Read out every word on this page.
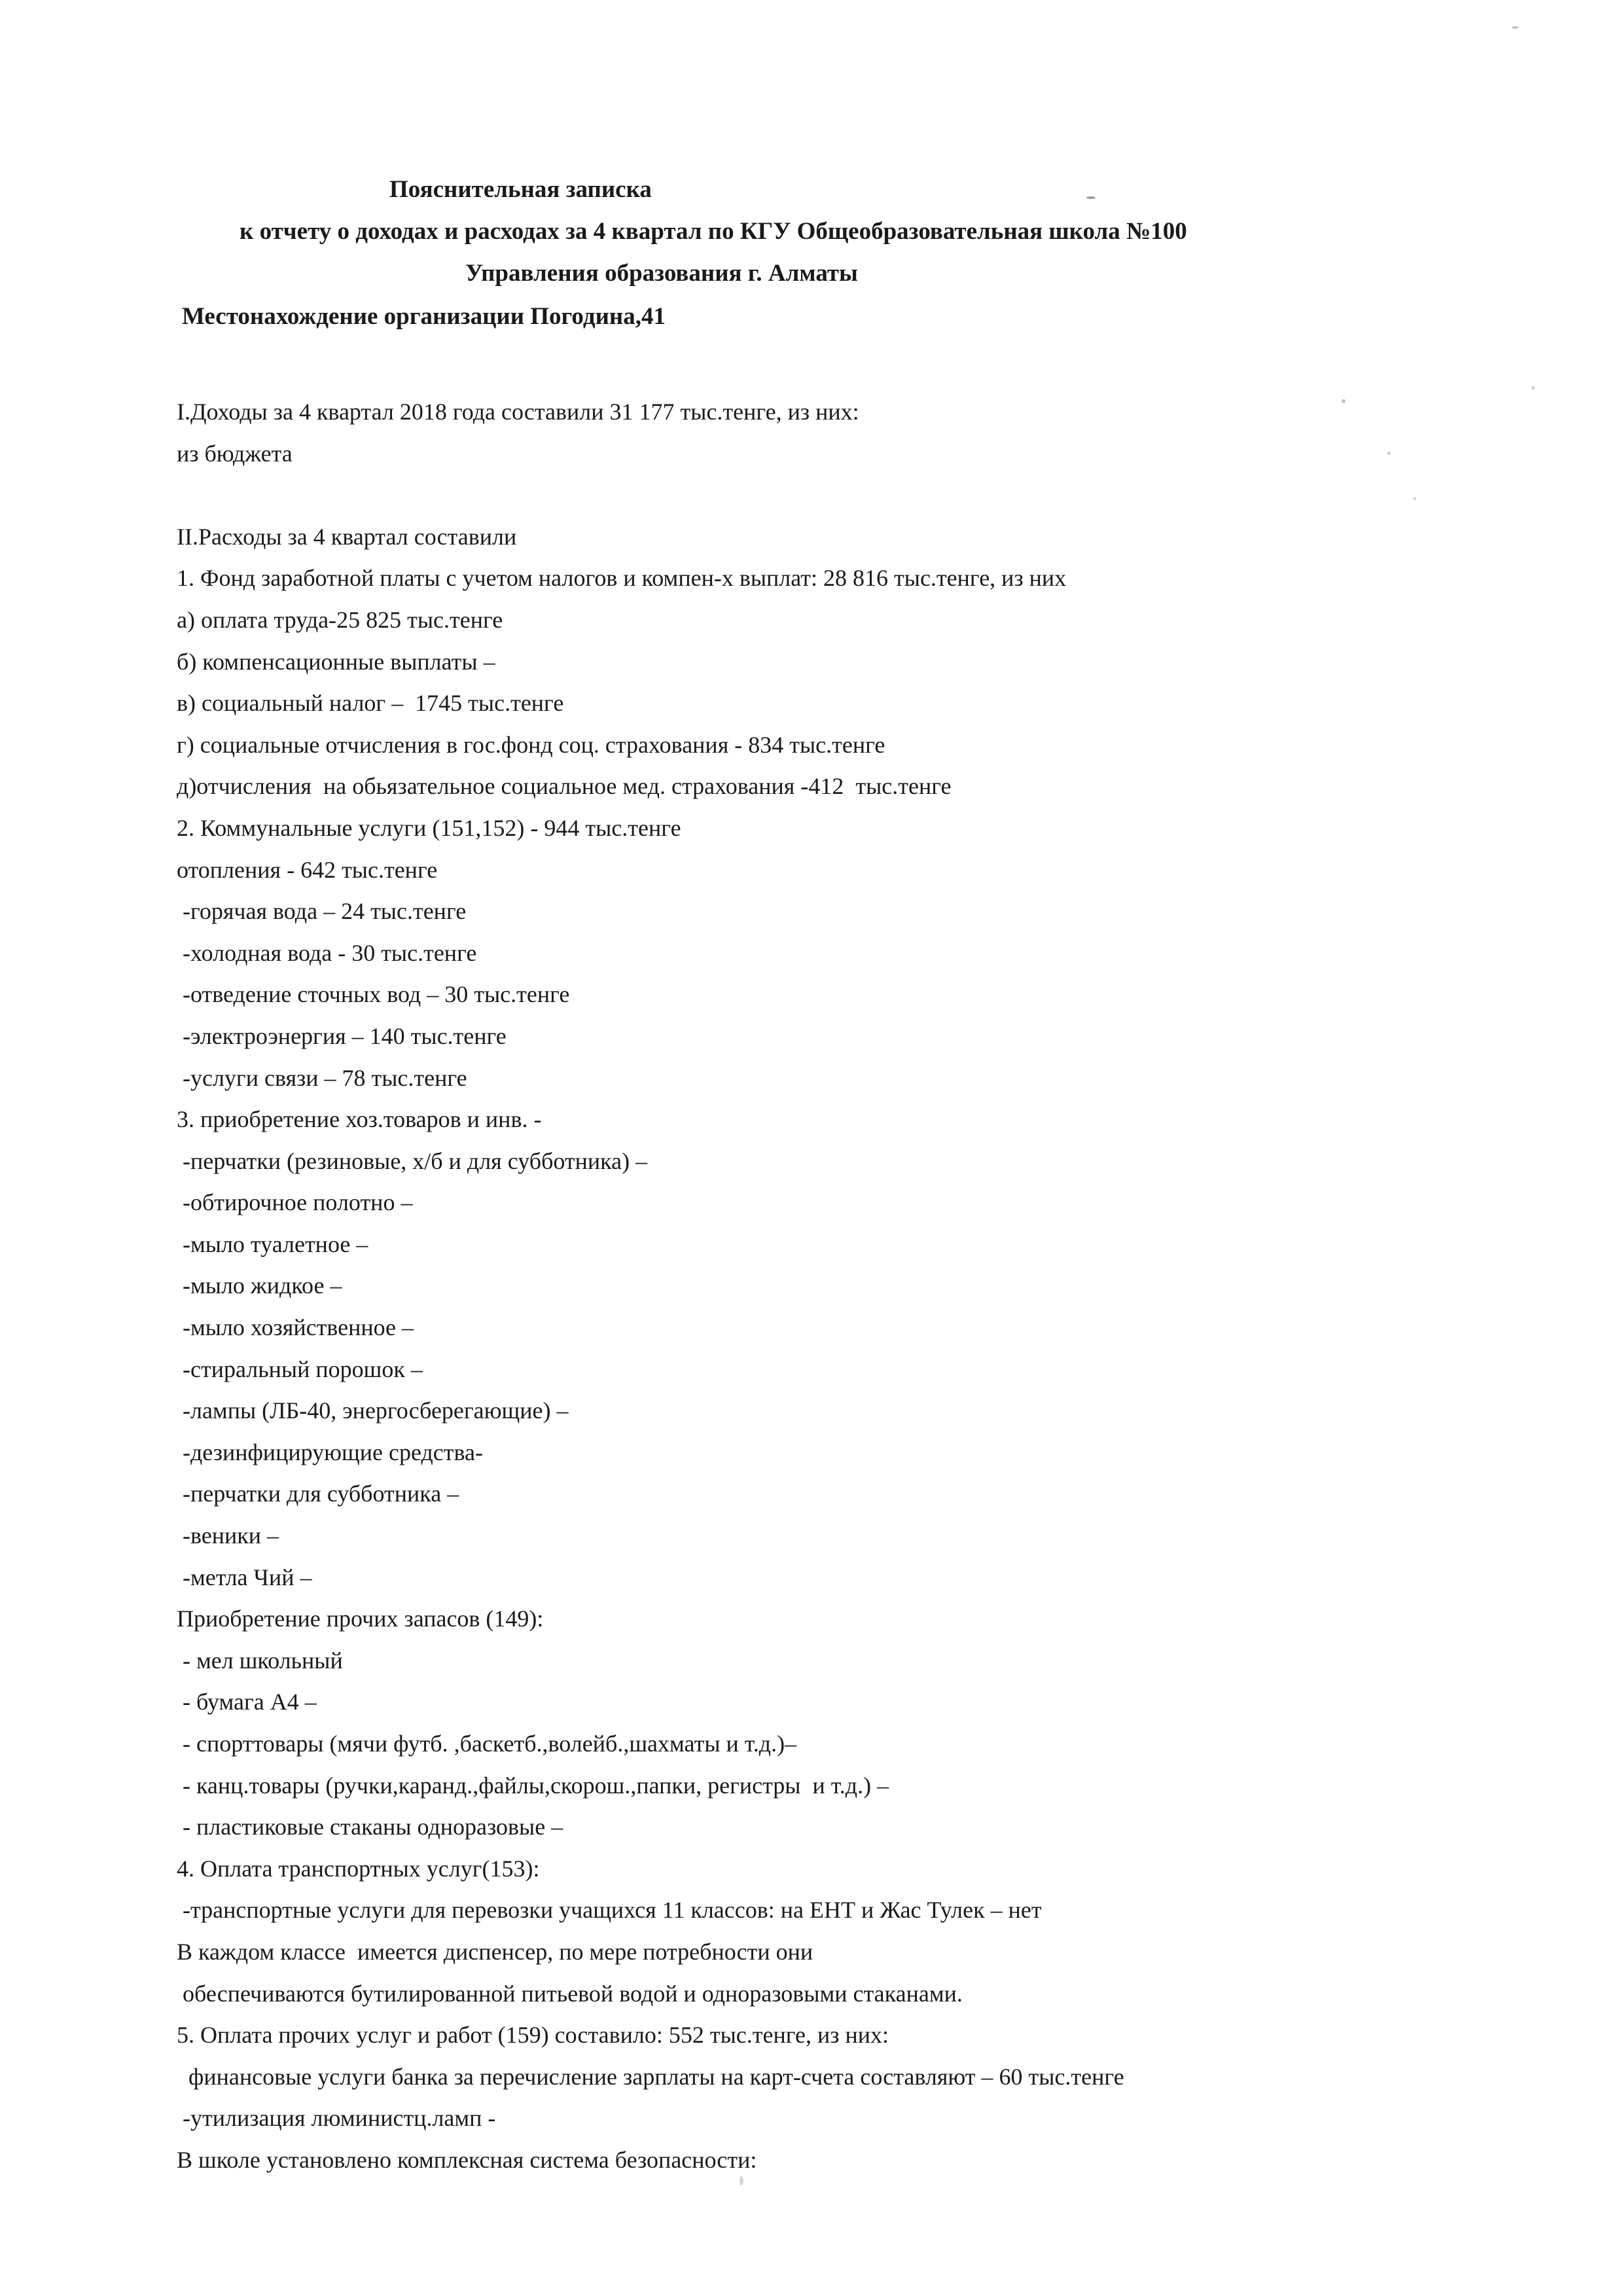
Пояснительная записка
к отчету о доходах и расходах за 4 квартал по КГУ Общеобразовательная школа №100
Управления образования г. Алматы
Местонахождение организации Погодина,41
I.Доходы за 4 квартал 2018 года составили 31 177 тыс.тенге, из них:
из бюджета
II.Расходы за 4 квартал составили
1. Фонд заработной платы с учетом налогов и компен-х выплат: 28 816 тыс.тенге, из них
а) оплата труда-25 825 тыс.тенге
б) компенсационные выплаты –
в) социальный налог –  1745 тыс.тенге
г) социальные отчисления в гос.фонд соц. страхования - 834 тыс.тенге
д)отчисления  на обьязательное социальное мед. страхования -412  тыс.тенге
2. Коммунальные услуги (151,152) - 944 тыс.тенге
отопления - 642 тыс.тенге
-горячая вода – 24 тыс.тенге
-холодная вода - 30 тыс.тенге
-отведение сточных вод – 30 тыс.тенге
-электроэнергия – 140 тыс.тенге
-услуги связи – 78 тыс.тенге
3. приобретение хоз.товаров и инв. -
-перчатки (резиновые, х/б и для субботника) –
-обтирочное полотно –
-мыло туалетное –
-мыло жидкое –
-мыло хозяйственное –
-стиральный порошок –
-лампы (ЛБ-40, энергосберегающие) –
-дезинфицирующие средства-
-перчатки для субботника –
-веники –
-метла Чий –
Приобретение прочих запасов (149):
- мел школьный
- бумага А4 –
- спорттовары (мячи футб. ,баскетб.,волейб.,шахматы и т.д.)–
- канц.товары (ручки,каранд.,файлы,скорош.,папки, регистры  и т.д.) –
- пластиковые стаканы одноразовые –
4. Оплата транспортных услуг(153):
-транспортные услуги для перевозки учащихся 11 классов: на ЕНТ и Жас Тулек – нет
В каждом классе  имеется диспенсер, по мере потребности они
обеспечиваются бутилированной питьевой водой и одноразовыми стаканами.
5. Оплата прочих услуг и работ (159) составило: 552 тыс.тенге, из них:
финансовые услуги банка за перечисление зарплаты на карт-счета составляют – 60 тыс.тенге
-утилизация люминистц.ламп -
В школе установлено комплексная система безопасности:
